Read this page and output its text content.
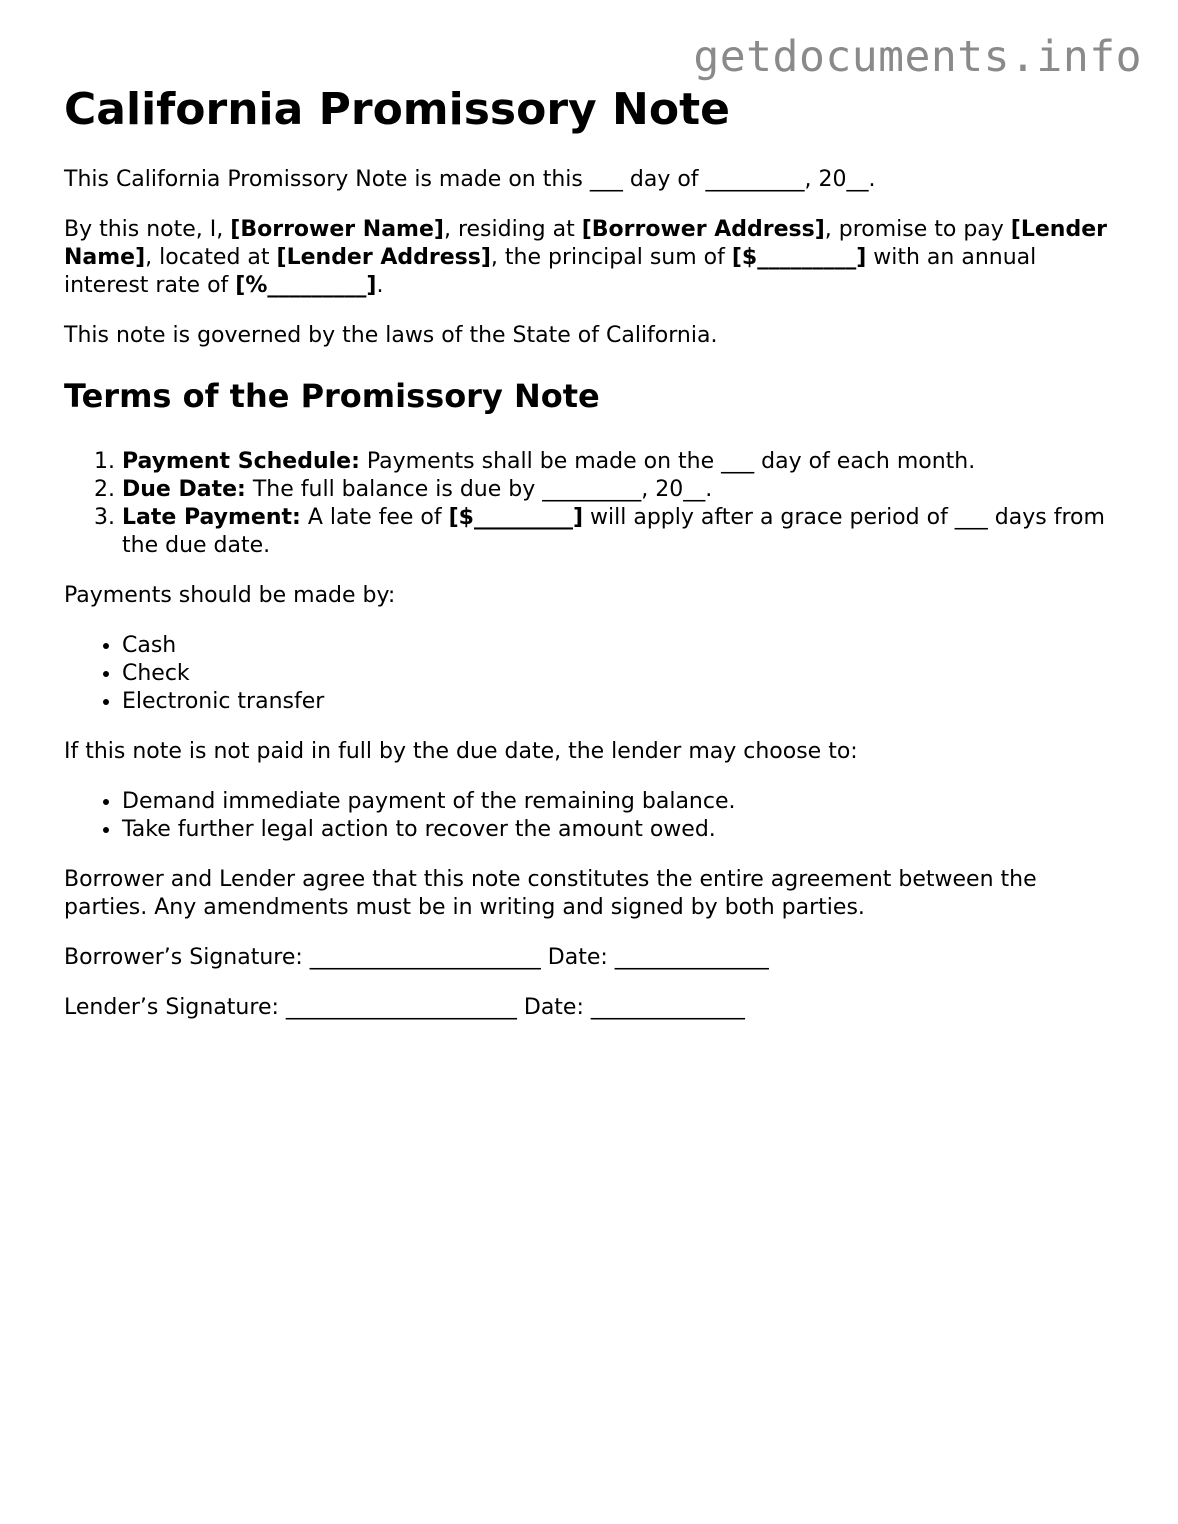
getdocuments.info
California Promissory Note

This California Promissory Note is made on this ___ day of _________, 20__.

By this note, I, [Borrower Name], residing at [Borrower Address], promise to pay [Lender Name], located at [Lender Address], the principal sum of [$_________] with an annual interest rate of [%_________].

This note is governed by the laws of the State of California.

Terms of the Promissory Note
1. Payment Schedule: Payments shall be made on the ___ day of each month.
2. Due Date: The full balance is due by _________, 20__.
3. Late Payment: A late fee of [$_________] will apply after a grace period of ___ days from the due date.

Payments should be made by:

• Cash
• Check
• Electronic transfer

If this note is not paid in full by the due date, the lender may choose to:

• Demand immediate payment of the remaining balance.
• Take further legal action to recover the amount owed.

Borrower and Lender agree that this note constitutes the entire agreement between the parties. Any amendments must be in writing and signed by both parties.

Borrower’s Signature: _____________________ Date: ______________

Lender’s Signature: _____________________ Date: ______________
